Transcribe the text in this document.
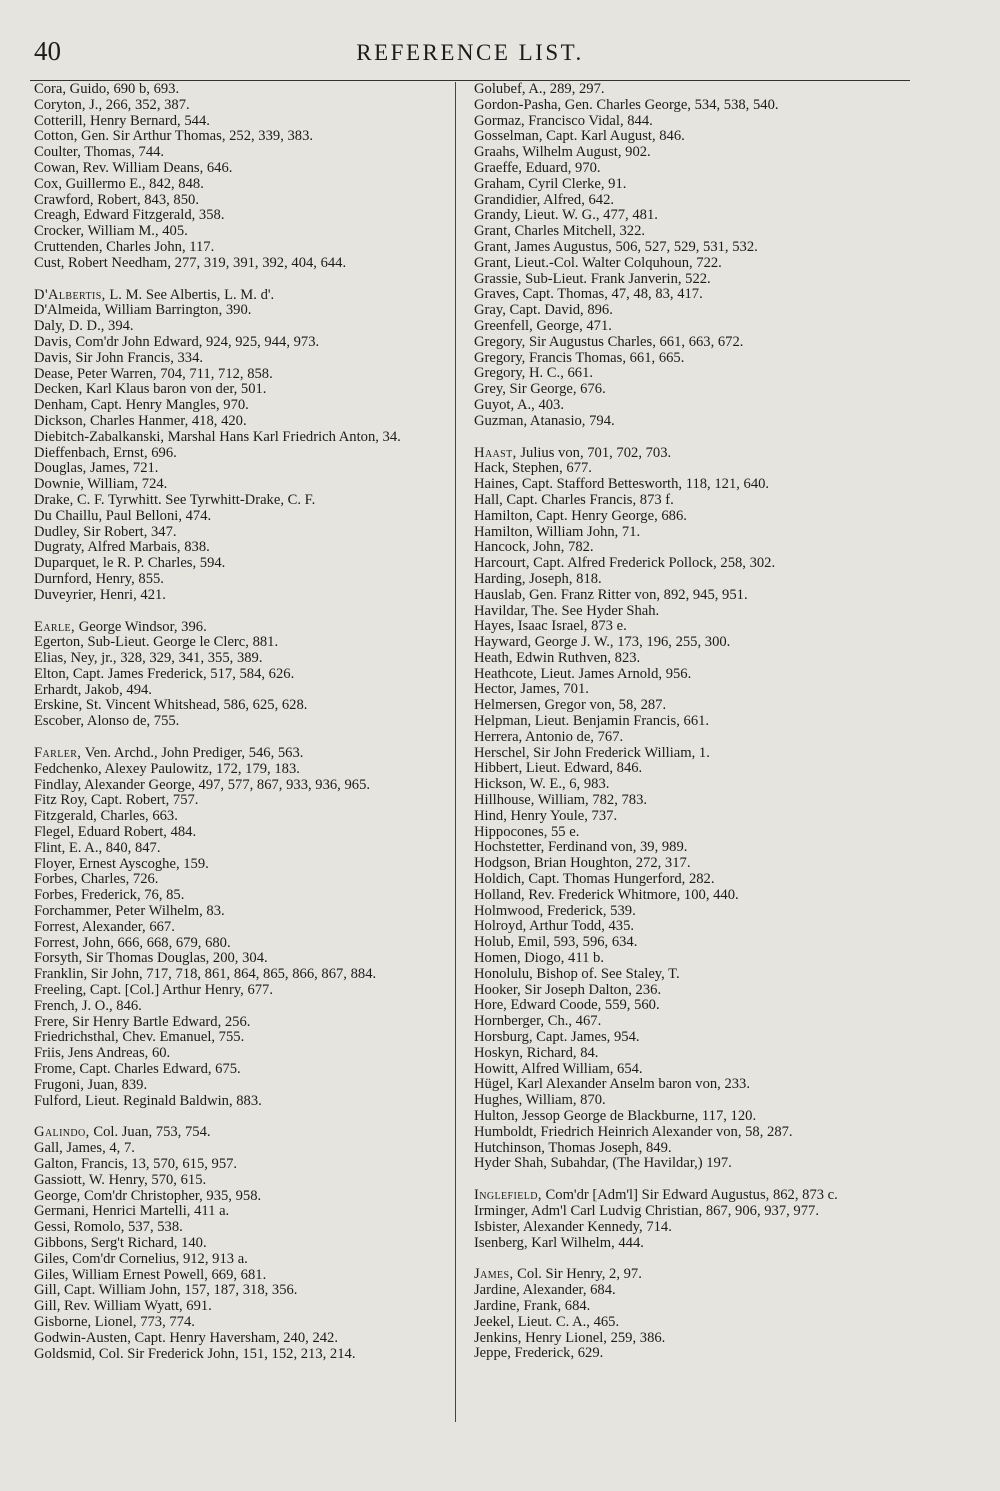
40	REFERENCE LIST.
Cora, Guido, 690 b, 693.
Coryton, J., 266, 352, 387.
Cotterill, Henry Bernard, 544.
Cotton, Gen. Sir Arthur Thomas, 252, 339, 383.
Coulter, Thomas, 744.
Cowan, Rev. William Deans, 646.
Cox, Guillermo E., 842, 848.
Crawford, Robert, 843, 850.
Creagh, Edward Fitzgerald, 358.
Crocker, William M., 405.
Cruttenden, Charles John, 117.
Cust, Robert Needham, 277, 319, 391, 392, 404, 644.
D'Albertis, L. M. See Albertis, L. M. d'.
D'Almeida, William Barrington, 390.
Daly, D. D., 394.
Davis, Com'dr John Edward, 924, 925, 944, 973.
Davis, Sir John Francis, 334.
Dease, Peter Warren, 704, 711, 712, 858.
Decken, Karl Klaus baron von der, 501.
Denham, Capt. Henry Mangles, 970.
Dickson, Charles Hanmer, 418, 420.
Diebitch-Zabalkanski, Marshal Hans Karl Friedrich Anton, 34.
Dieffenbach, Ernst, 696.
Douglas, James, 721.
Downie, William, 724.
Drake, C. F. Tyrwhitt. See Tyrwhitt-Drake, C. F.
Du Chaillu, Paul Belloni, 474.
Dudley, Sir Robert, 347.
Dugraty, Alfred Marbais, 838.
Duparquet, le R. P. Charles, 594.
Durnford, Henry, 855.
Duveyrier, Henri, 421.
Earle, George Windsor, 396.
Egerton, Sub-Lieut. George le Clerc, 881.
Elias, Ney, jr., 328, 329, 341, 355, 389.
Elton, Capt. James Frederick, 517, 584, 626.
Erhardt, Jakob, 494.
Erskine, St. Vincent Whitshead, 586, 625, 628.
Escober, Alonso de, 755.
Farler, Ven. Archd., John Prediger, 546, 563.
Fedchenko, Alexey Paulowitz, 172, 179, 183.
Findlay, Alexander George, 497, 577, 867, 933, 936, 965.
Fitz Roy, Capt. Robert, 757.
Fitzgerald, Charles, 663.
Flegel, Eduard Robert, 484.
Flint, E. A., 840, 847.
Floyer, Ernest Ayscoghe, 159.
Forbes, Charles, 726.
Forbes, Frederick, 76, 85.
Forchammer, Peter Wilhelm, 83.
Forrest, Alexander, 667.
Forrest, John, 666, 668, 679, 680.
Forsyth, Sir Thomas Douglas, 200, 304.
Franklin, Sir John, 717, 718, 861, 864, 865, 866, 867, 884.
Freeling, Capt. [Col.] Arthur Henry, 677.
French, J. O., 846.
Frere, Sir Henry Bartle Edward, 256.
Friedrichsthal, Chev. Emanuel, 755.
Friis, Jens Andreas, 60.
Frome, Capt. Charles Edward, 675.
Frugoni, Juan, 839.
Fulford, Lieut. Reginald Baldwin, 883.
Galindo, Col. Juan, 753, 754.
Gall, James, 4, 7.
Galton, Francis, 13, 570, 615, 957.
Gassiott, W. Henry, 570, 615.
George, Com'dr Christopher, 935, 958.
Germani, Henrici Martelli, 411 a.
Gessi, Romolo, 537, 538.
Gibbons, Serg't Richard, 140.
Giles, Com'dr Cornelius, 912, 913 a.
Giles, William Ernest Powell, 669, 681.
Gill, Capt. William John, 157, 187, 318, 356.
Gill, Rev. William Wyatt, 691.
Gisborne, Lionel, 773, 774.
Godwin-Austen, Capt. Henry Haversham, 240, 242.
Goldsmid, Col. Sir Frederick John, 151, 152, 213, 214.
Golubef, A., 289, 297.
Gordon-Pasha, Gen. Charles George, 534, 538, 540.
Gormaz, Francisco Vidal, 844.
Gosselman, Capt. Karl August, 846.
Graahs, Wilhelm August, 902.
Graeffe, Eduard, 970.
Graham, Cyril Clerke, 91.
Grandidier, Alfred, 642.
Grandy, Lieut. W. G., 477, 481.
Grant, Charles Mitchell, 322.
Grant, James Augustus, 506, 527, 529, 531, 532.
Grant, Lieut.-Col. Walter Colquhoun, 722.
Grassie, Sub-Lieut. Frank Janverin, 522.
Graves, Capt. Thomas, 47, 48, 83, 417.
Gray, Capt. David, 896.
Greenfell, George, 471.
Gregory, Sir Augustus Charles, 661, 663, 672.
Gregory, Francis Thomas, 661, 665.
Gregory, H. C., 661.
Grey, Sir George, 676.
Guyot, A., 403.
Guzman, Atanasio, 794.
Haast, Julius von, 701, 702, 703.
Hack, Stephen, 677.
Haines, Capt. Stafford Bettesworth, 118, 121, 640.
Hall, Capt. Charles Francis, 873 f.
Hamilton, Capt. Henry George, 686.
Hamilton, William John, 71.
Hancock, John, 782.
Harcourt, Capt. Alfred Frederick Pollock, 258, 302.
Harding, Joseph, 818.
Hauslab, Gen. Franz Ritter von, 892, 945, 951.
Havildar, The. See Hyder Shah.
Hayes, Isaac Israel, 873 e.
Hayward, George J. W., 173, 196, 255, 300.
Heath, Edwin Ruthven, 823.
Heathcote, Lieut. James Arnold, 956.
Hector, James, 701.
Helmersen, Gregor von, 58, 287.
Helpman, Lieut. Benjamin Francis, 661.
Herrera, Antonio de, 767.
Herschel, Sir John Frederick William, 1.
Hibbert, Lieut. Edward, 846.
Hickson, W. E., 6, 983.
Hillhouse, William, 782, 783.
Hind, Henry Youle, 737.
Hippocones, 55 e.
Hochstetter, Ferdinand von, 39, 989.
Hodgson, Brian Houghton, 272, 317.
Holdich, Capt. Thomas Hungerford, 282.
Holland, Rev. Frederick Whitmore, 100, 440.
Holmwood, Frederick, 539.
Holroyd, Arthur Todd, 435.
Holub, Emil, 593, 596, 634.
Homen, Diogo, 411 b.
Honolulu, Bishop of. See Staley, T.
Hooker, Sir Joseph Dalton, 236.
Hore, Edward Coode, 559, 560.
Hornberger, Ch., 467.
Horsburg, Capt. James, 954.
Hoskyn, Richard, 84.
Howitt, Alfred William, 654.
Hügel, Karl Alexander Anselm baron von, 233.
Hughes, William, 870.
Hulton, Jessop George de Blackburne, 117, 120.
Humboldt, Friedrich Heinrich Alexander von, 58, 287.
Hutchinson, Thomas Joseph, 849.
Hyder Shah, Subahdar, (The Havildar,) 197.
Inglefield, Com'dr [Adm'l] Sir Edward Augustus, 862, 873 c.
Irminger, Adm'l Carl Ludvig Christian, 867, 906, 937, 977.
Isbister, Alexander Kennedy, 714.
Isenberg, Karl Wilhelm, 444.
James, Col. Sir Henry, 2, 97.
Jardine, Alexander, 684.
Jardine, Frank, 684.
Jeekel, Lieut. C. A., 465.
Jenkins, Henry Lionel, 259, 386.
Jeppe, Frederick, 629.
